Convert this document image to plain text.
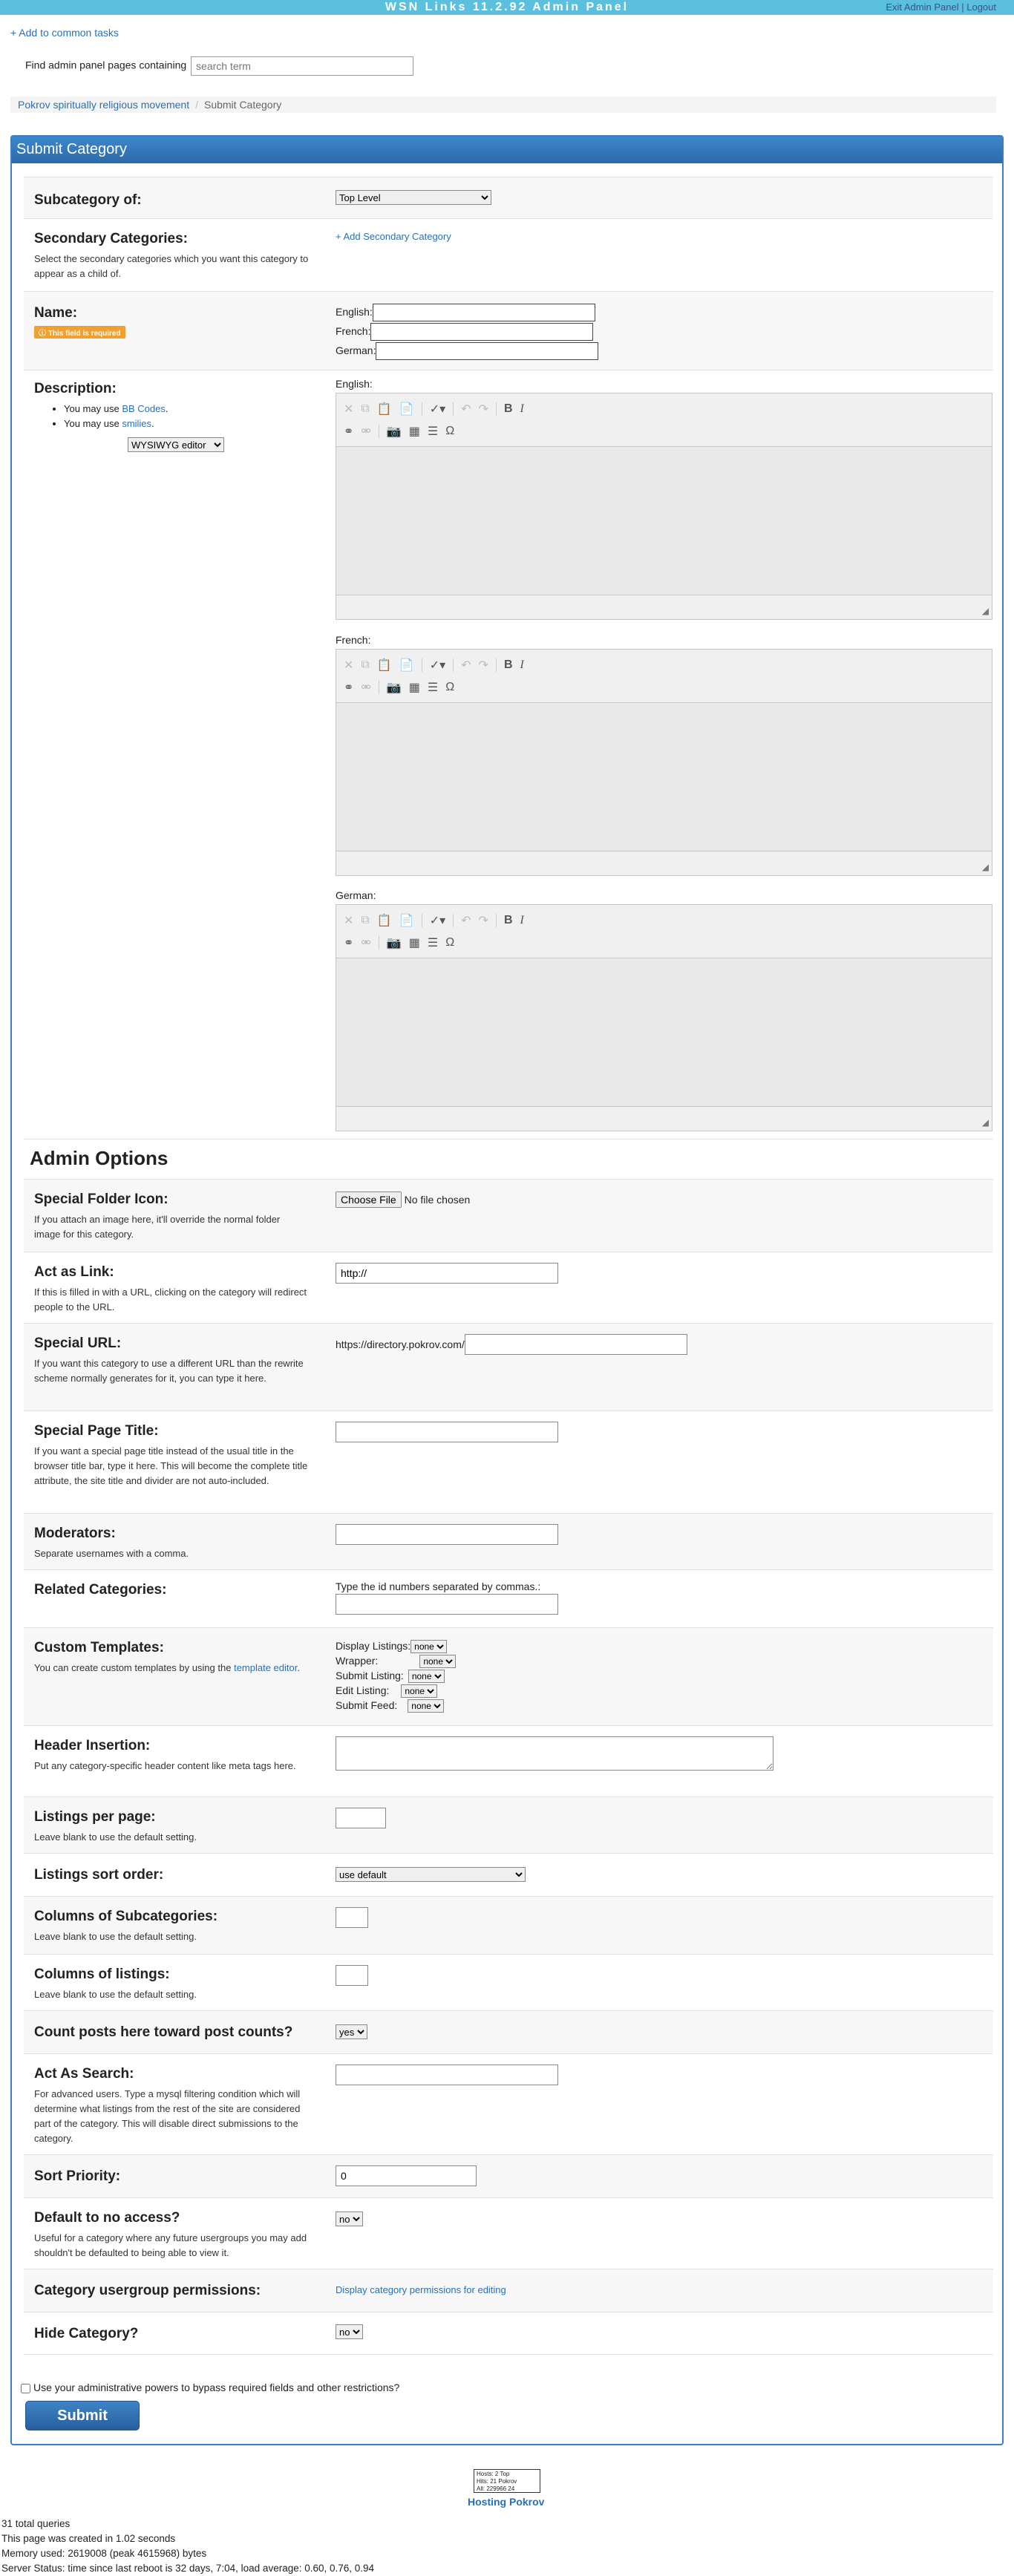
WSN Links 11.2.92 Admin Panel	Exit Admin Panel | Logout
+ Add to common tasks
Find admin panel pages containing search term
Pokrov spiritually religious movement / Submit Category
Submit Category
Subcategory of:
Top Level
Secondary Categories:

Select the secondary categories which you want this category to appear as a child of.

+ Add Secondary Category
Name:
ⓘ This field is required
English:
French:
German:
Description:
• You may use BB Codes.
• You may use smilies.
WYSIWYG editor
English:
✕ ⧉ 📋 📄 ✓▾ ↶ ↷ B I
⚭ ⚮ 📷 ▦ ☰ Ω
◢
French:
✕ ⧉ 📋 📄 ✓▾ ↶ ↷ B I
⚭ ⚮ 📷 ▦ ☰ Ω
◢
German:
✕ ⧉ 📋 📄 ✓▾ ↶ ↷ B I
⚭ ⚮ 📷 ▦ ☰ Ω
◢
Admin Options
Special Folder Icon:

If you attach an image here, it'll override the normal folder image for this category.

Choose File No file chosen
Act as Link:

If this is filled in with a URL, clicking on the category will redirect people to the URL.

http://
Special URL:

If you want this category to use a different URL than the rewrite scheme normally generates for it, you can type it here.

https://directory.pokrov.com/
Special Page Title:

If you want a special page title instead of the usual title in the browser title bar, type it here. This will become the complete title attribute, the site title and divider are not auto-included.

Moderators:

Separate usernames with a comma.

Related Categories:	Type the id numbers separated by commas.:
Custom Templates:

You can create custom templates by using the template editor.

Display Listings:
none
Wrapper:
none
Submit Listing:
none
Edit Listing:
none
Submit Feed:
none
Header Insertion:

Put any category-specific header content like meta tags here.

Listings per page:

Leave blank to use the default setting.

Listings sort order:
use default
Columns of Subcategories:

Leave blank to use the default setting.

Columns of listings:

Leave blank to use the default setting.

Count posts here toward post counts?
yes
Act As Search:

For advanced users. Type a mysql filtering condition which will determine what listings from the rest of the site are considered part of the category. This will disable direct submissions to the category.

Sort Priority:
0
Default to no access?

Useful for a category where any future usergroups you may add shouldn't be defaulted to being able to view it.

no
Category usergroup permissions:	Display category permissions for editing
Hide Category?
no
Use your administrative powers to bypass required fields and other restrictions?
Submit
Hosts: 2 Top
Hits: 21 Pokrov
All: 229966 24
Hosting Pokrov
31 total queries
This page was created in 1.02 seconds
Memory used: 2619008 (peak 4615968) bytes
Server Status: time since last reboot is 32 days, 7:04, load average: 0.60, 0.76, 0.94
